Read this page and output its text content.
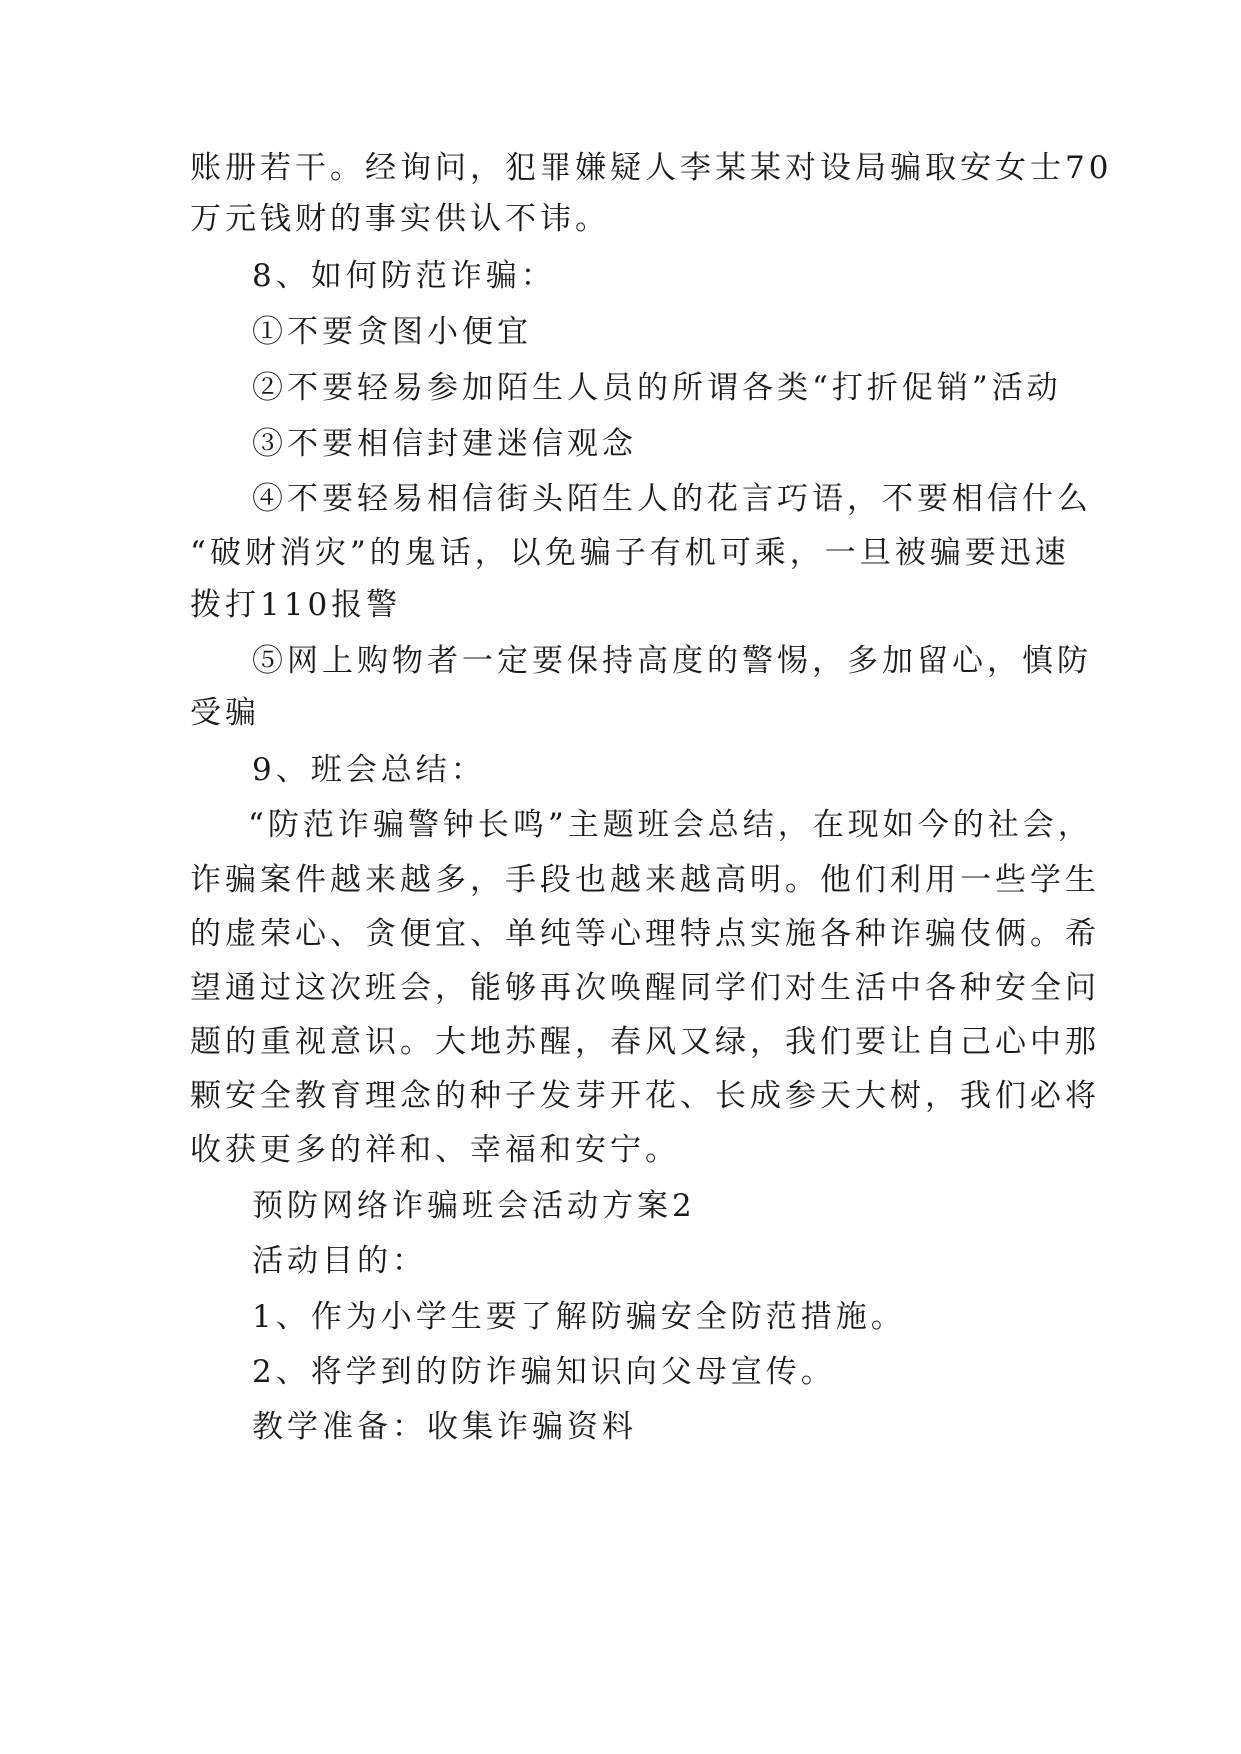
账册若干。经询问，犯罪嫌疑人李某某对设局骗取安女士70
万元钱财的事实供认不讳。
8、如何防范诈骗：
①不要贪图小便宜
②不要轻易参加陌生人员的所谓各类“打折促销”活动
③不要相信封建迷信观念
④不要轻易相信街头陌生人的花言巧语，不要相信什么
“破财消灾”的鬼话，以免骗子有机可乘，一旦被骗要迅速
拨打110报警
⑤网上购物者一定要保持高度的警惕，多加留心，慎防
受骗
9、班会总结：
“防范诈骗警钟长鸣”主题班会总结，在现如今的社会，
诈骗案件越来越多，手段也越来越高明。他们利用一些学生
的虚荣心、贪便宜、单纯等心理特点实施各种诈骗伎俩。希
望通过这次班会，能够再次唤醒同学们对生活中各种安全问
题的重视意识。大地苏醒，春风又绿，我们要让自己心中那
颗安全教育理念的种子发芽开花、长成参天大树，我们必将
收获更多的祥和、幸福和安宁。
预防网络诈骗班会活动方案2
活动目的：
1、作为小学生要了解防骗安全防范措施。
2、将学到的防诈骗知识向父母宣传。
教学准备：收集诈骗资料
